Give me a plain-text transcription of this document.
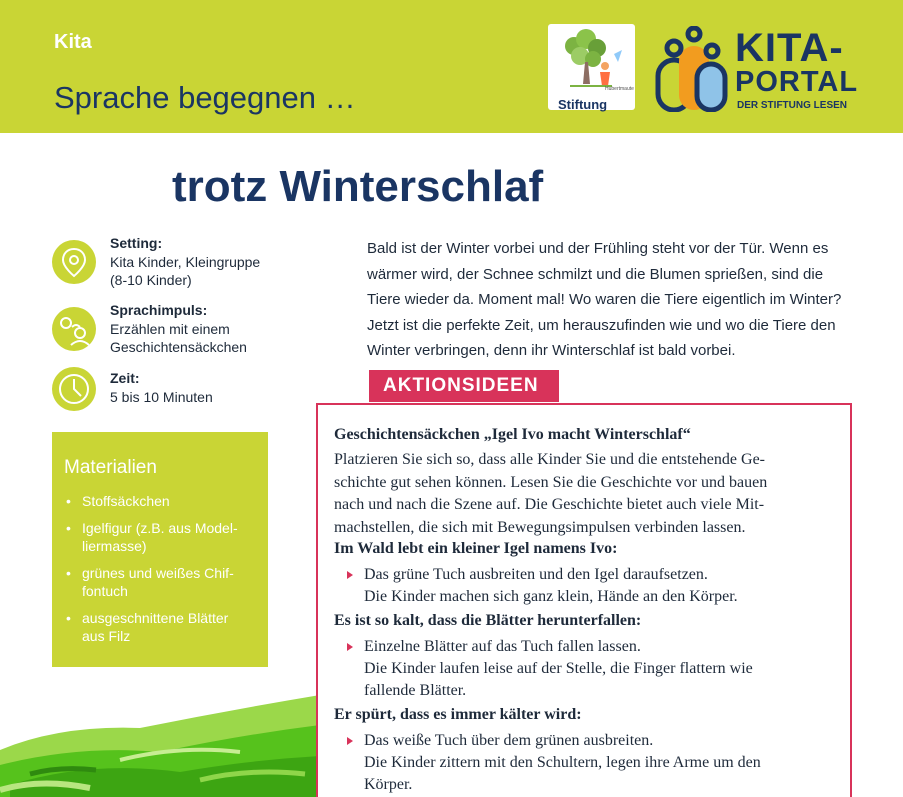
Kita
Sprache begegnen …	Hubertmaute
Stiftung
KITA-
PORTAL
DER STIFTUNG LESEN
trotz Winterschlaf
Setting:
Kita Kinder, Kleingruppe
(8-10 Kinder)
Sprachimpuls:
Erzählen mit einem
Geschichtensäckchen
Zeit:
5 bis 10 Minuten
Bald ist der Winter vorbei und der Frühling steht vor der Tür. Wenn es
wärmer wird, der Schnee schmilzt und die Blumen sprießen, sind die
Tiere wieder da. Moment mal! Wo waren die Tiere eigentlich im Winter?
Jetzt ist die perfekte Zeit, um herauszufinden wie und wo die Tiere den
Winter verbringen, denn ihr Winterschlaf ist bald vorbei.
Materialien
• Stoffsäckchen
• Igelfigur (z.B. aus Model-
liermasse)
• grünes und weißes Chif-
fontuch
• ausgeschnittene Blätter
aus Filz
AKTIONSIDEEN
Geschichtensäckchen „Igel Ivo macht Winterschlaf“
Platzieren Sie sich so, dass alle Kinder Sie und die entstehende Ge-
schichte gut sehen können. Lesen Sie die Geschichte vor und bauen
nach und nach die Szene auf. Die Geschichte bietet auch viele Mit-
machstellen, die sich mit Bewegungsimpulsen verbinden lassen.
Im Wald lebt ein kleiner Igel namens Ivo:
Das grüne Tuch ausbreiten und den Igel daraufsetzen.
Die Kinder machen sich ganz klein, Hände an den Körper.
Es ist so kalt, dass die Blätter herunterfallen:
Einzelne Blätter auf das Tuch fallen lassen.
Die Kinder laufen leise auf der Stelle, die Finger flattern wie
fallende Blätter.
Er spürt, dass es immer kälter wird:
Das weiße Tuch über dem grünen ausbreiten.
Die Kinder zittern mit den Schultern, legen ihre Arme um den
Körper.
